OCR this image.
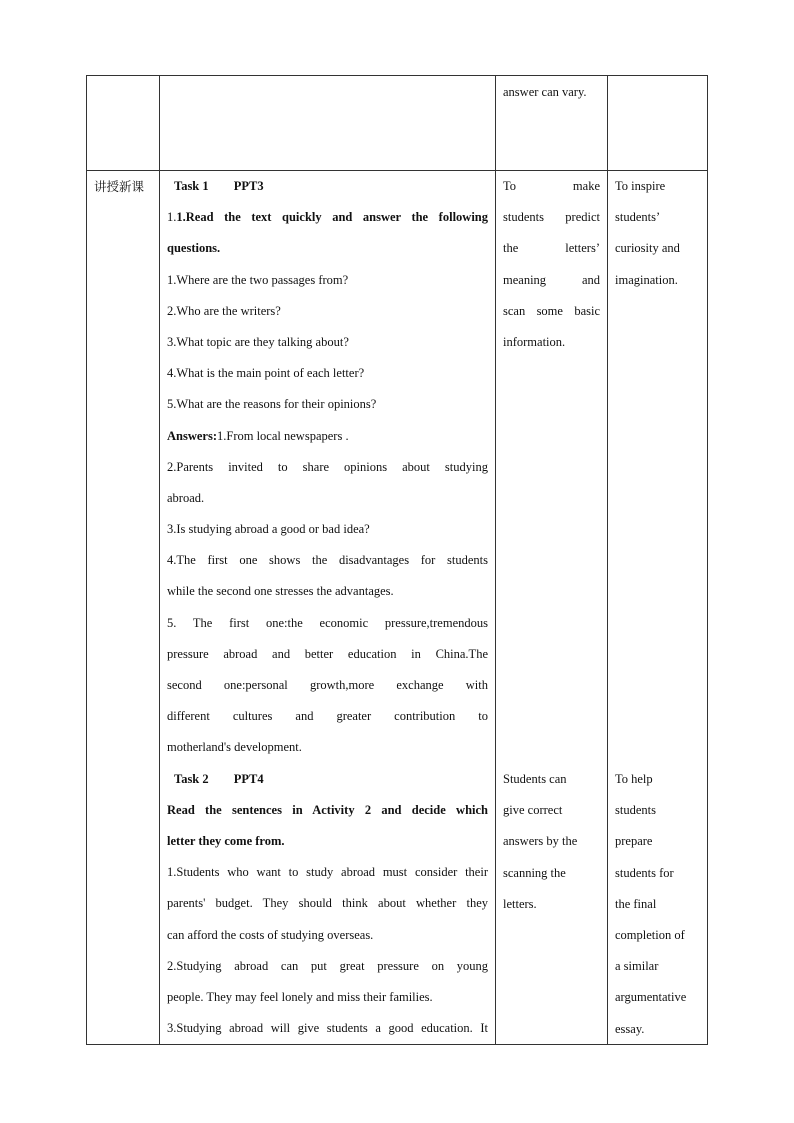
answer can vary.
讲授新课	Task 1 PPT3
1.1.Read the text quickly and answer the following
questions.
1.Where are the two passages from?
2.Who are the writers?
3.What topic are they talking about?
4.What is the main point of each letter?
5.What are the reasons for their opinions?
Answers:1.From local newspapers .
2.Parents invited to share opinions about studying
abroad.
3.Is studying abroad a good or bad idea?
4.The first one shows the disadvantages for students
while the second one stresses the advantages.
5. The first one:the economic pressure,tremendous
pressure abroad and better education in China.The
second one:personal growth,more exchange with
different cultures and greater contribution to
motherland's development.
Task 2 PPT4
Read the sentences in Activity 2 and decide which
letter they come from.
1.Students who want to study abroad must consider their
parents' budget. They should think about whether they
can afford the costs of studying overseas.
2.Studying abroad can put great pressure on young
people. They may feel lonely and miss their families.
3.Studying abroad will give students a good education. It
To make
students predict
the letters’
meaning and
scan some basic
information.
Students can
give correct
answers by the
scanning the
letters.
To inspire
students’
curiosity and
imagination.
To help
students
prepare
students for
the final
completion of
a similar
argumentative
essay.
